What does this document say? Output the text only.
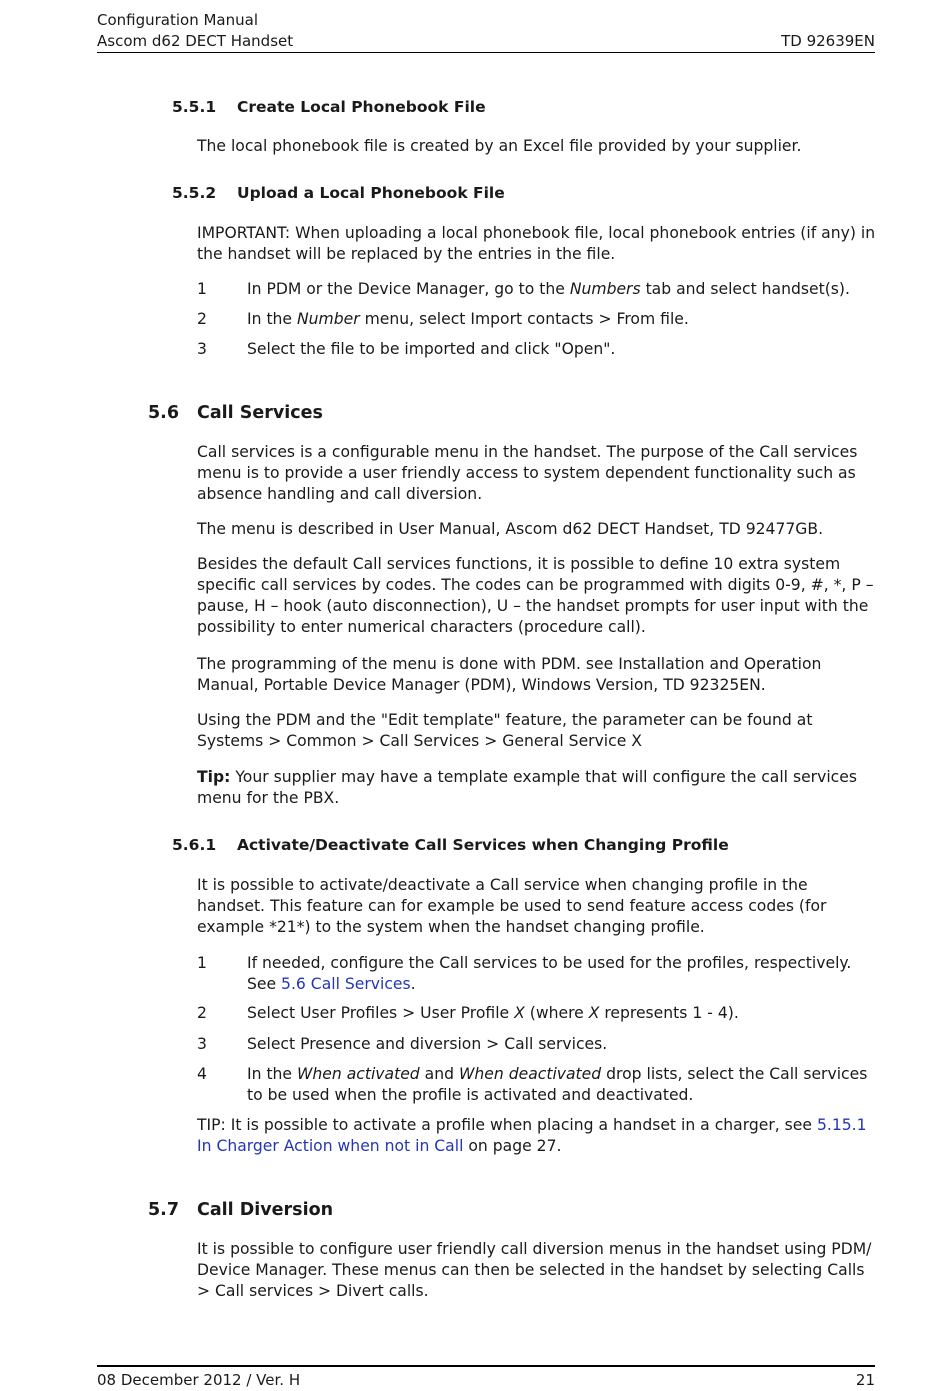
Configuration Manual
Ascom d62 DECT Handset	TD 92639EN
5.5.1 Create Local Phonebook File
The local phonebook file is created by an Excel file provided by your supplier.
5.5.2 Upload a Local Phonebook File
IMPORTANT: When uploading a local phonebook file, local phonebook entries (if any) in the handset will be replaced by the entries in the file.
1	In PDM or the Device Manager, go to the Numbers tab and select handset(s).
2	In the Number menu, select Import contacts > From file.
3	Select the file to be imported and click "Open".
5.6 Call Services
Call services is a configurable menu in the handset. The purpose of the Call services menu is to provide a user friendly access to system dependent functionality such as absence handling and call diversion.
The menu is described in User Manual, Ascom d62 DECT Handset, TD 92477GB.
Besides the default Call services functions, it is possible to define 10 extra system specific call services by codes. The codes can be programmed with digits 0-9, #, *, P – pause, H – hook (auto disconnection), U – the handset prompts for user input with the possibility to enter numerical characters (procedure call).
The programming of the menu is done with PDM. see Installation and Operation Manual, Portable Device Manager (PDM), Windows Version, TD 92325EN.
Using the PDM and the "Edit template" feature, the parameter can be found at
Systems > Common > Call Services > General Service X
Tip: Your supplier may have a template example that will configure the call services menu for the PBX.
5.6.1 Activate/Deactivate Call Services when Changing Profile
It is possible to activate/deactivate a Call service when changing profile in the handset. This feature can for example be used to send feature access codes (for example *21*) to the system when the handset changing profile.
1	If needed, configure the Call services to be used for the profiles, respectively. See 5.6 Call Services.
2	Select User Profiles > User Profile X (where X represents 1 - 4).
3	Select Presence and diversion > Call services.
4	In the When activated and When deactivated drop lists, select the Call services to be used when the profile is activated and deactivated.
TIP: It is possible to activate a profile when placing a handset in a charger, see 5.15.1 In Charger Action when not in Call on page 27.
5.7 Call Diversion
It is possible to configure user friendly call diversion menus in the handset using PDM/ Device Manager. These menus can then be selected in the handset by selecting Calls > Call services > Divert calls.
08 December 2012 / Ver. H	21
